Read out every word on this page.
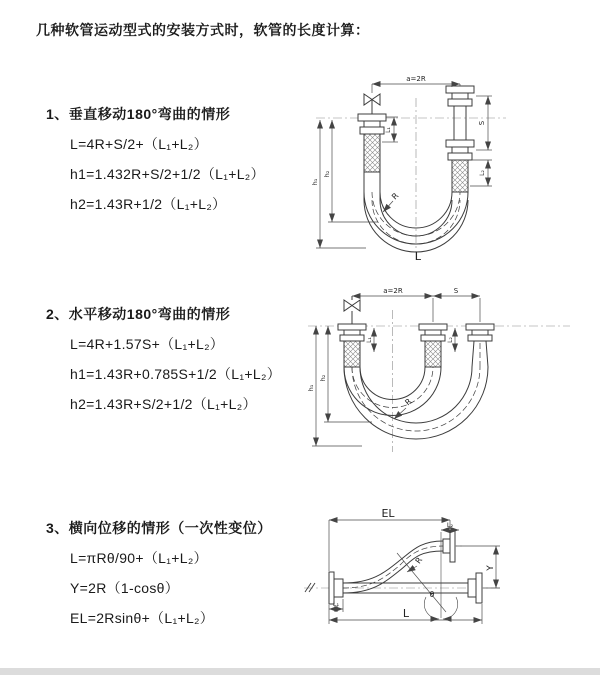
几种软管运动型式的安装方式时，软管的长度计算：
1、垂直移动180°弯曲的情形
L=4R+S/2+（L₁+L₂）
h1=1.432R+S/2+1/2（L₁+L₂）
h2=1.43R+1/2（L₁+L₂）
2、水平移动180°弯曲的情形
L=4R+1.57S+（L₁+L₂）
h1=1.43R+0.785S+1/2（L₁+L₂）
h2=1.43R+S/2+1/2（L₁+L₂）
3、横向位移的情形（一次性变位）
L=πRθ/90+（L₁+L₂）
Y=2R（1-cosθ）
EL=2Rsinθ+（L₁+L₂）
a=2R
S
L₂
L₁
h₁
h₂
R
L
a=2R	S
h₁
h₂
L₁	L₂
R
EL
L₂
Y
R
θ
L₁
L
